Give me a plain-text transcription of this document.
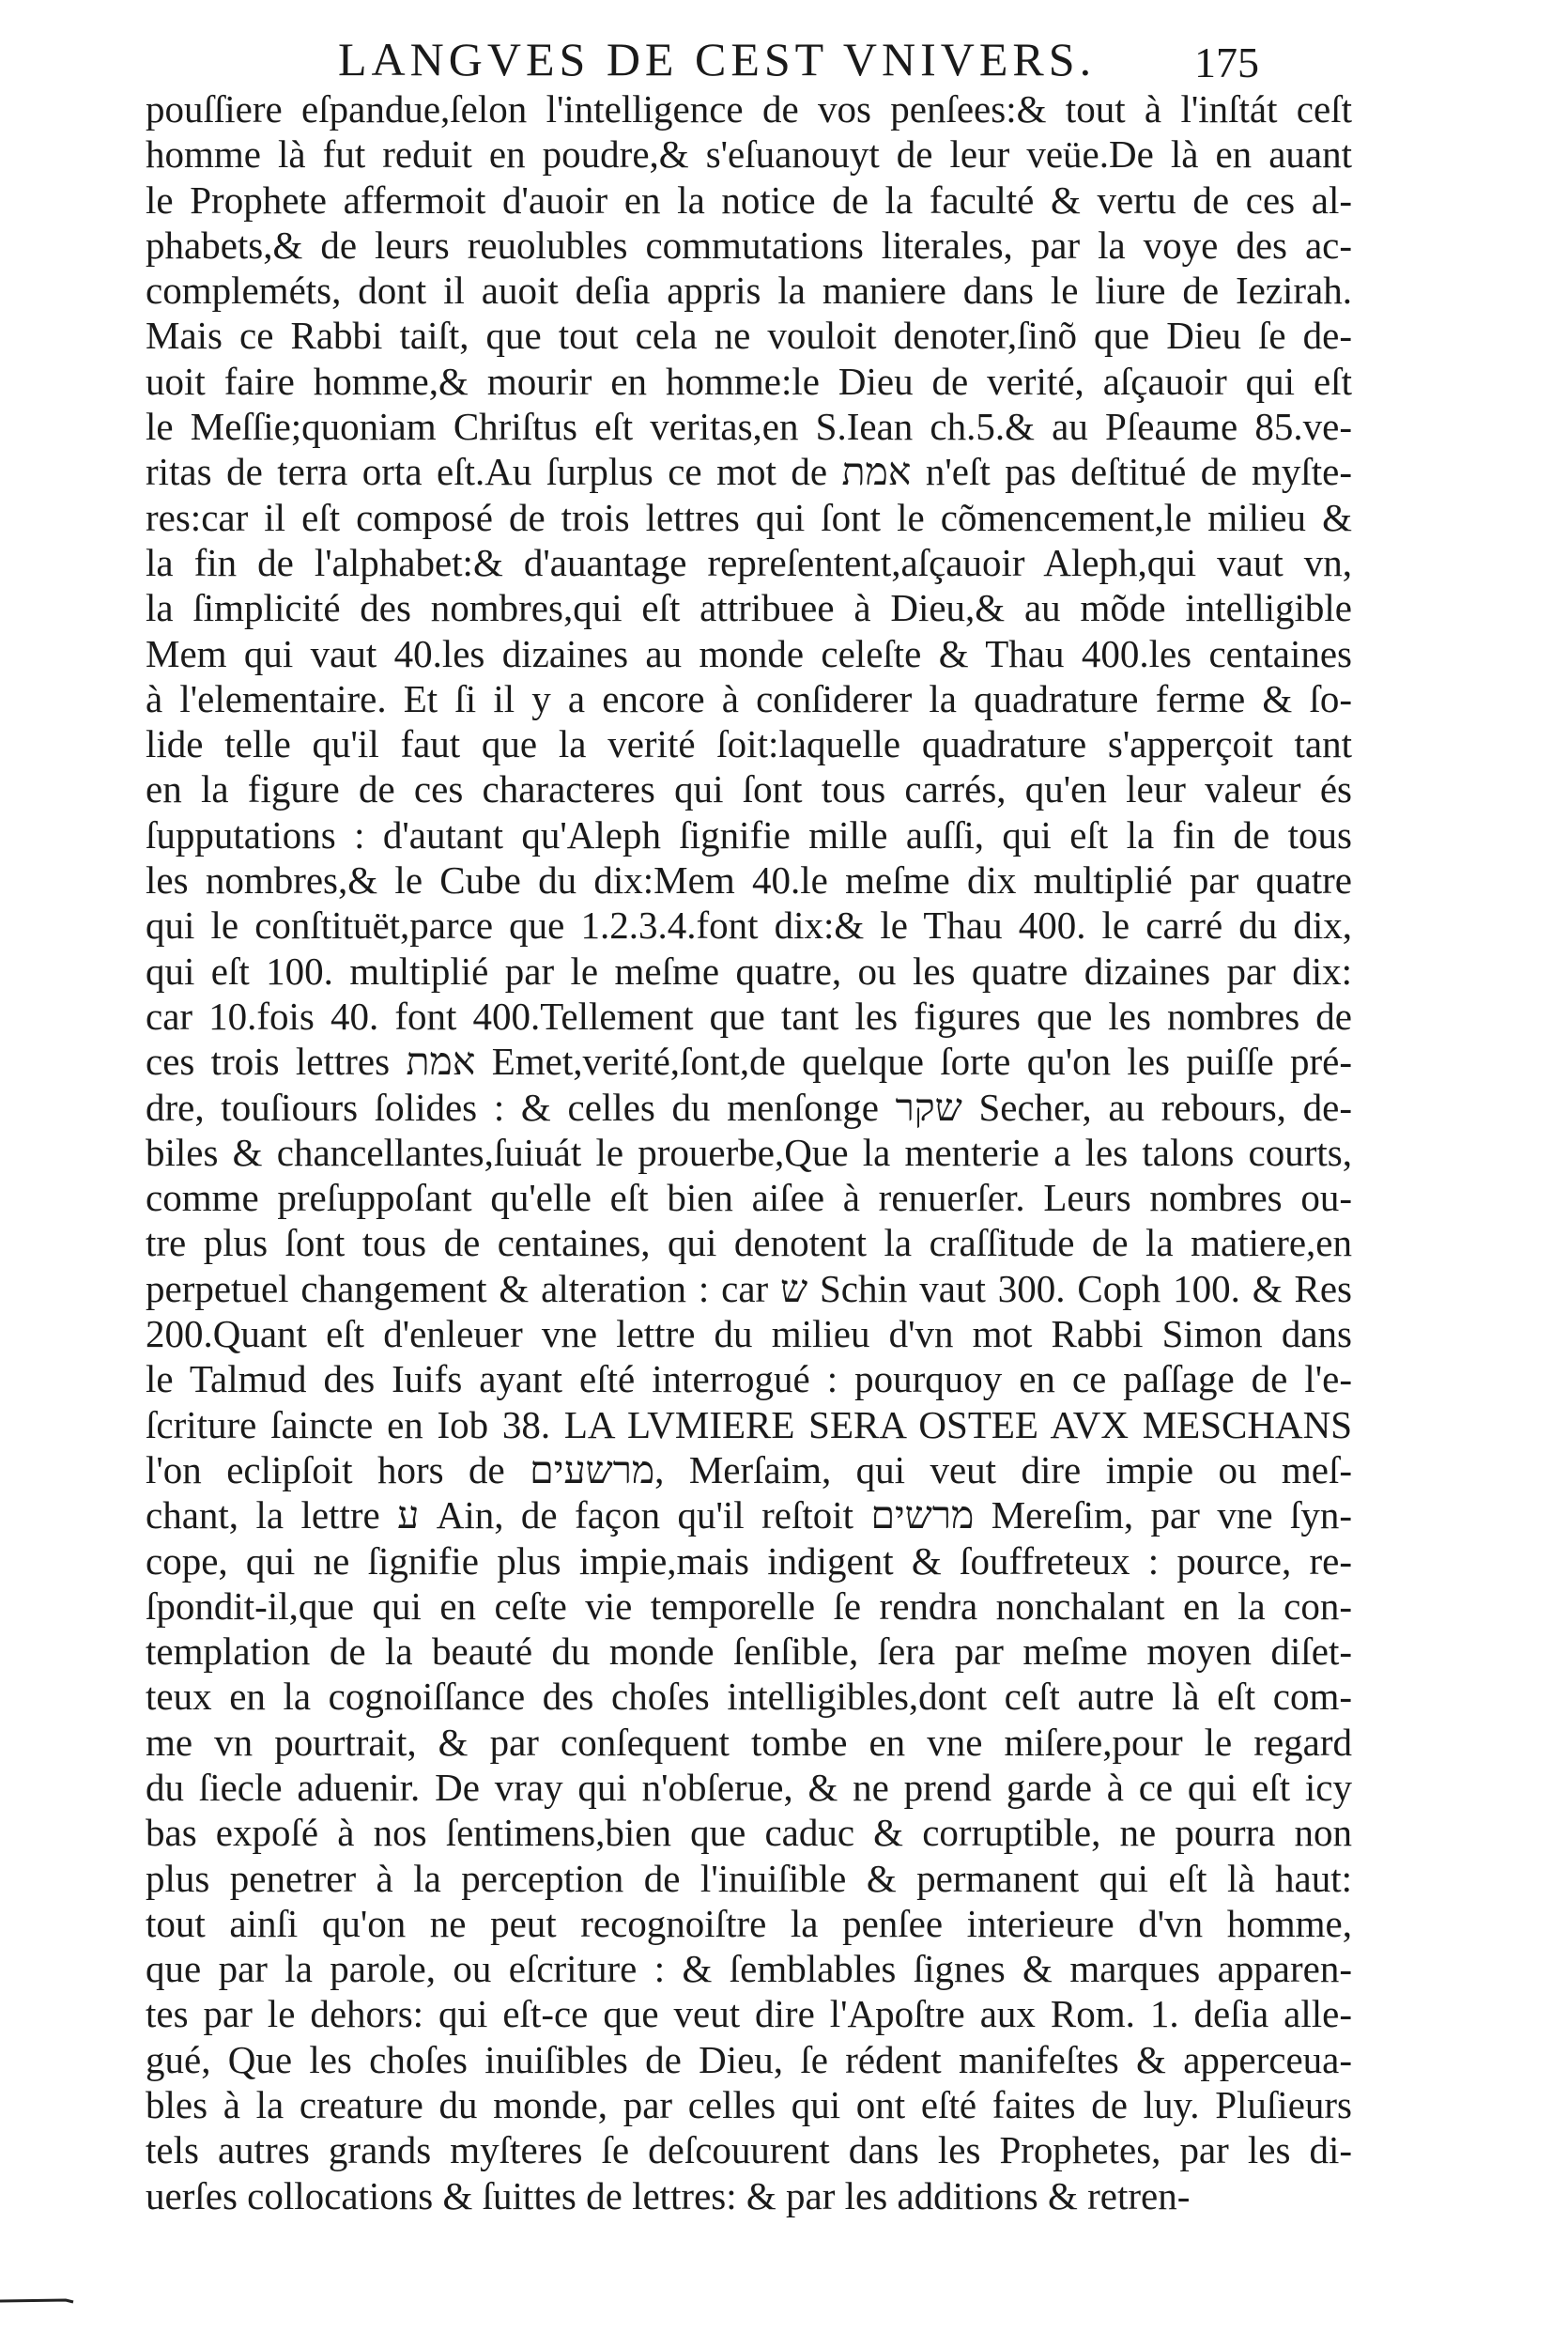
LANGVES DE CEST VNIVERS.	175
pouſſiere eſpandue,ſelon l'intelligence de vos penſees:& tout à l'inſtát ceſt
homme là fut reduit en poudre,& s'eſuanouyt de leur veüe.De là en auant
le Prophete affermoit d'auoir en la notice de la faculté & vertu de ces al-
phabets,& de leurs reuolubles commutations literales, par la voye des ac-
compleméts, dont il auoit deſia appris la maniere dans le liure de Iezirah.
Mais ce Rabbi taiſt, que tout cela ne vouloit denoter,ſinõ que Dieu ſe de-
uoit faire homme,& mourir en homme:le Dieu de verité, aſçauoir qui eſt
le Meſſie;quoniam Chriſtus eſt veritas,en S.Iean ch.5.& au Pſeaume 85.ve-
ritas de terra orta eſt.Au ſurplus ce mot de אמת n'eſt pas deſtitué de myſte-
res:car il eſt composé de trois lettres qui ſont le cõmencement,le milieu &
la fin de l'alphabet:& d'auantage repreſentent,aſçauoir Aleph,qui vaut vn,
la ſimplicité des nombres,qui eſt attribuee à Dieu,& au mõde intelligible
Mem qui vaut 40.les dizaines au monde celeſte & Thau 400.les centaines
à l'elementaire. Et ſi il y a encore à conſiderer la quadrature ferme & ſo-
lide telle qu'il faut que la verité ſoit:laquelle quadrature s'apperçoit tant
en la figure de ces characteres qui ſont tous carrés, qu'en leur valeur és
ſupputations : d'autant qu'Aleph ſignifie mille auſſi, qui eſt la fin de tous
les nombres,& le Cube du dix:Mem 40.le meſme dix multiplié par quatre
qui le conſtituët,parce que 1.2.3.4.font dix:& le Thau 400. le carré du dix,
qui eſt 100. multiplié par le meſme quatre, ou les quatre dizaines par dix:
car 10.fois 40. font 400.Tellement que tant les figures que les nombres de
ces trois lettres אמת Emet,verité,ſont,de quelque ſorte qu'on les puiſſe pré-
dre, touſiours ſolides : & celles du menſonge שקר Secher, au rebours, de-
biles & chancellantes,ſuiuát le prouerbe,Que la menterie a les talons courts,
comme preſuppoſant qu'elle eſt bien aiſee à renuerſer. Leurs nombres ou-
tre plus ſont tous de centaines, qui denotent la craſſitude de la matiere,en
perpetuel changement & alteration : car ש Schin vaut 300. Coph 100. & Res
200.Quant eſt d'enleuer vne lettre du milieu d'vn mot Rabbi Simon dans
le Talmud des Iuifs ayant eſté interrogué : pourquoy en ce paſſage de l'e-
ſcriture ſaincte en Iob 38. LA LVMIERE SERA OSTEE AVX MESCHANS
l'on eclipſoit hors de מרשעים, Merſaim, qui veut dire impie ou meſ-
chant, la lettre ע Ain, de façon qu'il reſtoit מרשים Mereſim, par vne ſyn-
cope, qui ne ſignifie plus impie,mais indigent & ſouffreteux : pource, re-
ſpondit-il,que qui en ceſte vie temporelle ſe rendra nonchalant en la con-
templation de la beauté du monde ſenſible, ſera par meſme moyen diſet-
teux en la cognoiſſance des choſes intelligibles,dont ceſt autre là eſt com-
me vn pourtrait, & par conſequent tombe en vne miſere,pour le regard
du ſiecle aduenir. De vray qui n'obſerue, & ne prend garde à ce qui eſt icy
bas expoſé à nos ſentimens,bien que caduc & corruptible, ne pourra non
plus penetrer à la perception de l'inuiſible & permanent qui eſt là haut:
tout ainſi qu'on ne peut recognoiſtre la penſee interieure d'vn homme,
que par la parole, ou eſcriture : & ſemblables ſignes & marques apparen-
tes par le dehors: qui eſt-ce que veut dire l'Apoſtre aux Rom. 1. deſia alle-
gué, Que les choſes inuiſibles de Dieu, ſe rédent manifeſtes & apperceua-
bles à la creature du monde, par celles qui ont eſté faites de luy. Pluſieurs
tels autres grands myſteres ſe deſcouurent dans les Prophetes, par les di-
uerſes collocations & ſuittes de lettres: & par les additions & retren-
